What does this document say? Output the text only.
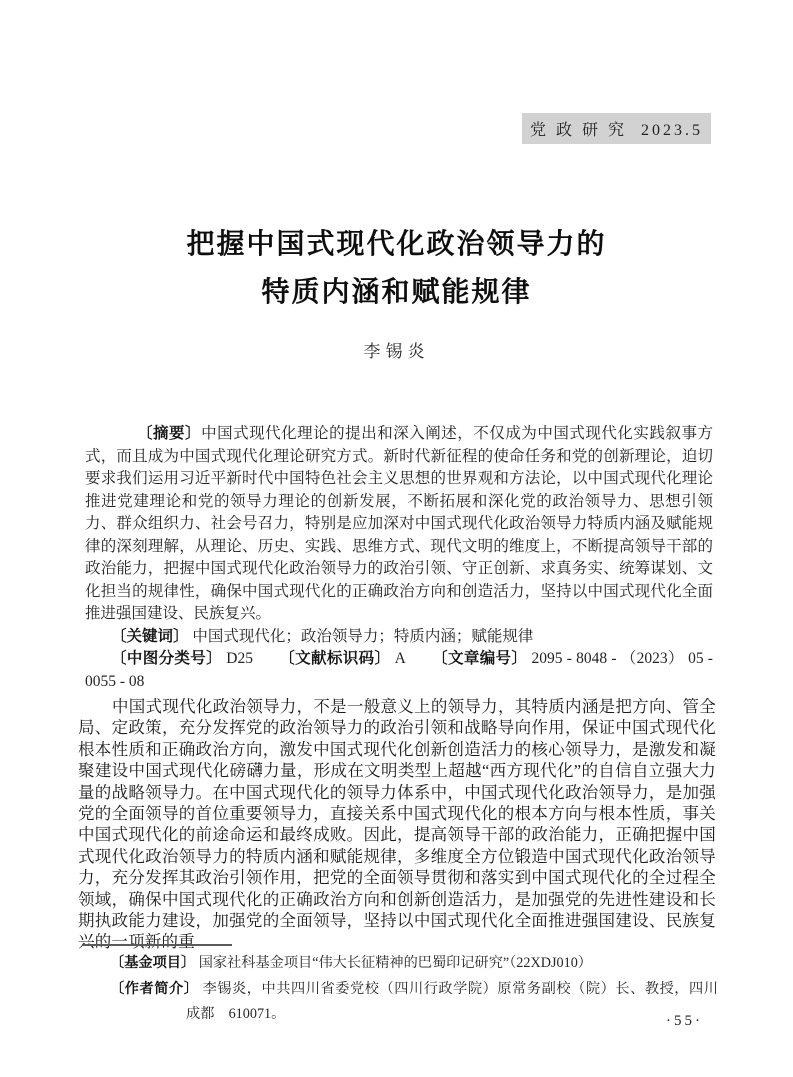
党 政 研 究  2023.5
把握中国式现代化政治领导力的
特质内涵和赋能规律
李锡炎

〔摘要〕中国式现代化理论的提出和深入阐述，不仅成为中国式现代化实践叙事方式，而且成为中国式现代化理论研究方式。新时代新征程的使命任务和党的创新理论，迫切要求我们运用习近平新时代中国特色社会主义思想的世界观和方法论，以中国式现代化理论推进党建理论和党的领导力理论的创新发展，不断拓展和深化党的政治领导力、思想引领力、群众组织力、社会号召力，特别是应加深对中国式现代化政治领导力特质内涵及赋能规律的深刻理解，从理论、历史、实践、思维方式、现代文明的维度上，不断提高领导干部的政治能力，把握中国式现代化政治领导力的政治引领、守正创新、求真务实、统筹谋划、文化担当的规律性，确保中国式现代化的正确政治方向和创造活力，坚持以中国式现代化全面推进强国建设、民族复兴。

〔关键词〕 中国式现代化；政治领导力；特质内涵；赋能规律

〔中图分类号〕 D25 〔文献标识码〕 A 〔文章编号〕 2095 - 8048 - （2023） 05 - 0055 - 08

中国式现代化政治领导力，不是一般意义上的领导力，其特质内涵是把方向、管全局、定政策，充分发挥党的政治领导力的政治引领和战略导向作用，保证中国式现代化根本性质和正确政治方向，激发中国式现代化创新创造活力的核心领导力，是激发和凝聚建设中国式现代化磅礴力量，形成在文明类型上超越“西方现代化”的自信自立强大力量的战略领导力。在中国式现代化的领导力体系中，中国式现代化政治领导力，是加强党的全面领导的首位重要领导力，直接关系中国式现代化的根本方向与根本性质，事关中国式现代化的前途命运和最终成败。因此，提高领导干部的政治能力，正确把握中国式现代化政治领导力的特质内涵和赋能规律，多维度全方位锻造中国式现代化政治领导力，充分发挥其政治引领作用，把党的全面领导贯彻和落实到中国式现代化的全过程全领域，确保中国式现代化的正确政治方向和创新创造活力，是加强党的先进性建设和长期执政能力建设，加强党的全面领导，坚持以中国式现代化全面推进强国建设、民族复兴的一项新的重

〔基金项目〕 国家社科基金项目“伟大长征精神的巴蜀印记研究”（22XDJ010）

〔作者简介〕 李锡炎，中共四川省委党校（四川行政学院）原常务副校（院）长、教授，四川　成都　610071。	·55·
